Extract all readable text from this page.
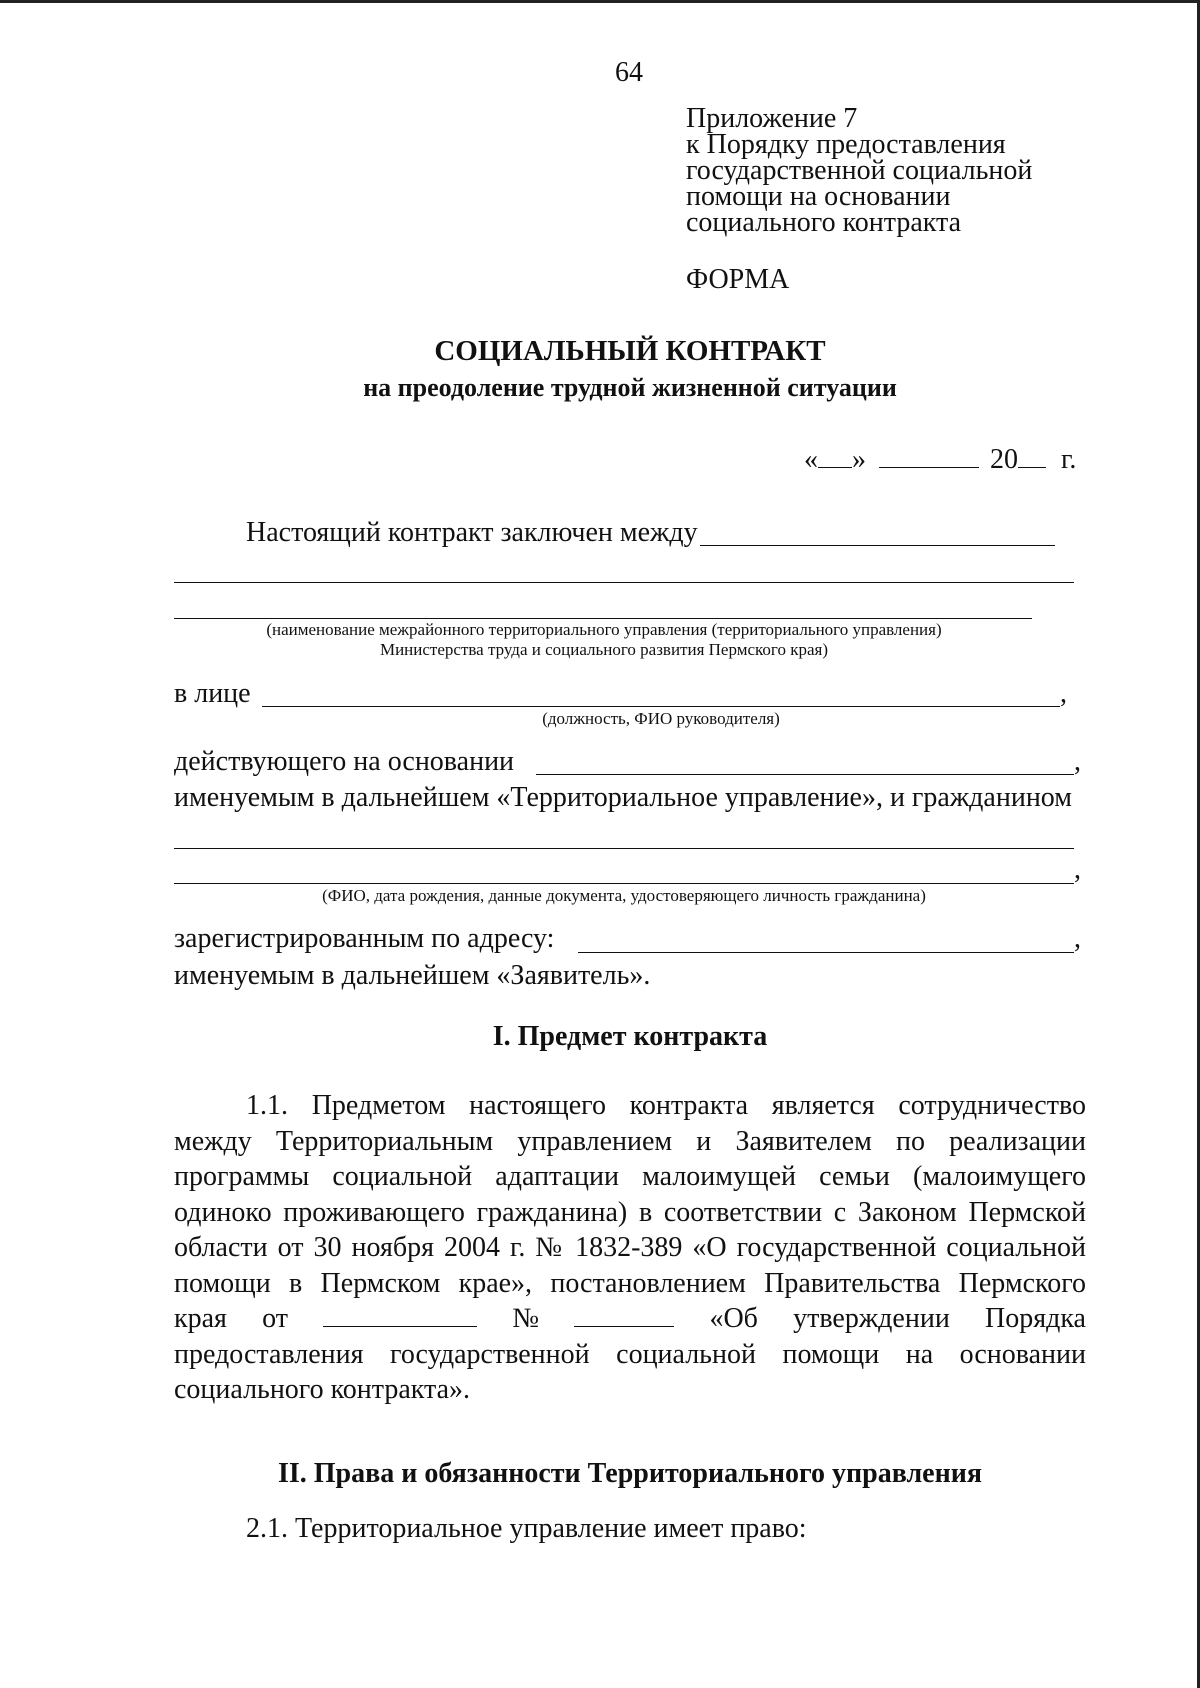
64
Приложение 7
к Порядку предоставления
государственной социальной
помощи на основании
социального контракта
ФОРМА
СОЦИАЛЬНЫЙ КОНТРАКТ
на преодоление трудной жизненной ситуации
« »	20 г.
Настоящий контракт заключен между
(наименование межрайонного территориального управления (территориального управления)
Министерства труда и социального развития Пермского края)
в лице	,
(должность, ФИО руководителя)
действующего на основании	,
именуемым в дальнейшем «Территориальное управление», и гражданином
,
(ФИО, дата рождения, данные документа, удостоверяющего личность гражданина)
зарегистрированным по адресу:	,
именуемым в дальнейшем «Заявитель».
I. Предмет контракта
1.1. Предметом настоящего контракта является сотрудничество
между Территориальным управлением и Заявителем по реализации
программы социальной адаптации малоимущей семьи (малоимущего
одиноко проживающего гражданина) в соответствии с Законом Пермской
области от 30 ноября 2004 г. № 1832-389 «О государственной социальной
помощи в Пермском крае», постановлением Правительства Пермского
края от	№	«Об утверждении Порядка
предоставления государственной социальной помощи на основании
социального контракта».
II. Права и обязанности Территориального управления
2.1. Территориальное управление имеет право:
